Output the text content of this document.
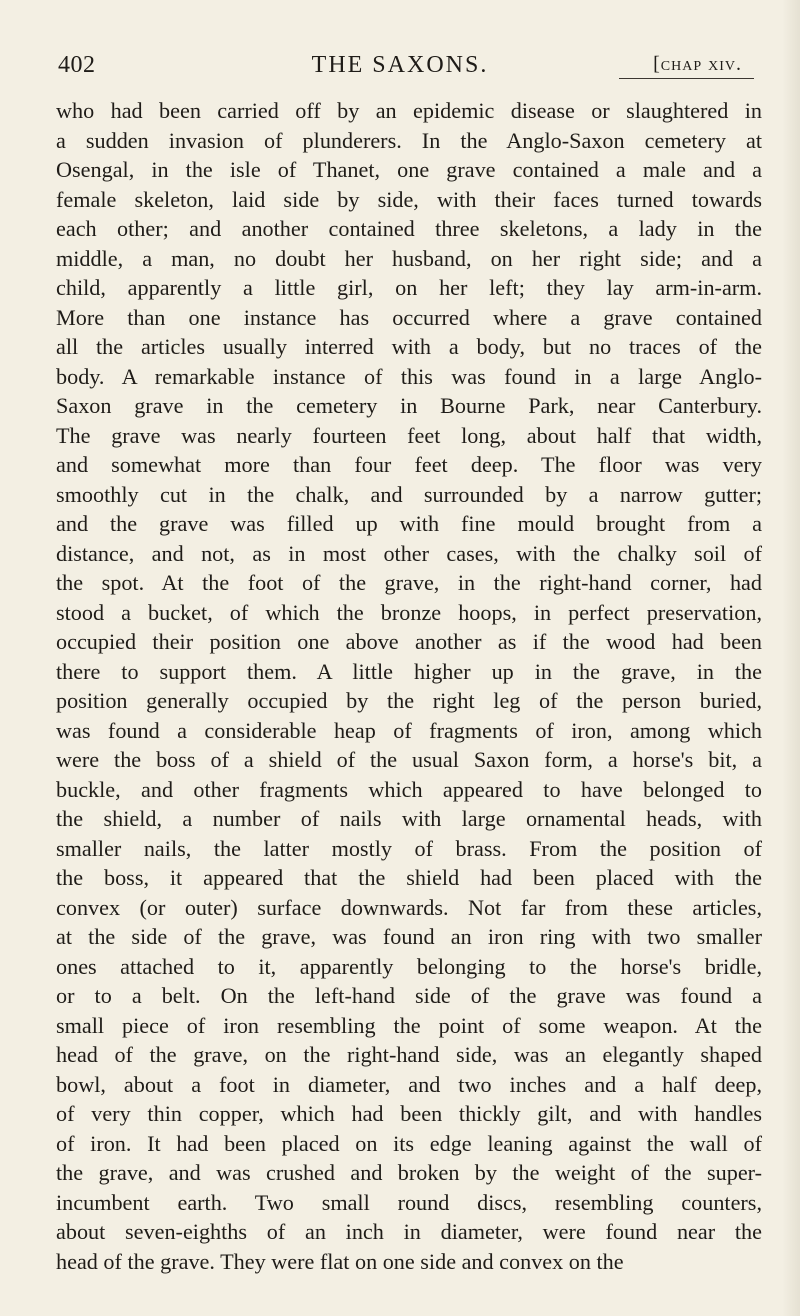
402	THE SAXONS.	[chap xiv.
who had been carried off by an epidemic disease or slaughtered in
a sudden invasion of plunderers. In the Anglo-Saxon cemetery at
Osengal, in the isle of Thanet, one grave contained a male and a
female skeleton, laid side by side, with their faces turned towards
each other; and another contained three skeletons, a lady in the
middle, a man, no doubt her husband, on her right side; and a
child, apparently a little girl, on her left; they lay arm-in-arm.
More than one instance has occurred where a grave contained
all the articles usually interred with a body, but no traces of the
body. A remarkable instance of this was found in a large Anglo-
Saxon grave in the cemetery in Bourne Park, near Canterbury.
The grave was nearly fourteen feet long, about half that width,
and somewhat more than four feet deep. The floor was very
smoothly cut in the chalk, and surrounded by a narrow gutter;
and the grave was filled up with fine mould brought from a
distance, and not, as in most other cases, with the chalky soil of
the spot. At the foot of the grave, in the right-hand corner, had
stood a bucket, of which the bronze hoops, in perfect preservation,
occupied their position one above another as if the wood had been
there to support them. A little higher up in the grave, in the
position generally occupied by the right leg of the person buried,
was found a considerable heap of fragments of iron, among which
were the boss of a shield of the usual Saxon form, a horse's bit, a
buckle, and other fragments which appeared to have belonged to
the shield, a number of nails with large ornamental heads, with
smaller nails, the latter mostly of brass. From the position of
the boss, it appeared that the shield had been placed with the
convex (or outer) surface downwards. Not far from these articles,
at the side of the grave, was found an iron ring with two smaller
ones attached to it, apparently belonging to the horse's bridle,
or to a belt. On the left-hand side of the grave was found a
small piece of iron resembling the point of some weapon. At the
head of the grave, on the right-hand side, was an elegantly shaped
bowl, about a foot in diameter, and two inches and a half deep,
of very thin copper, which had been thickly gilt, and with handles
of iron. It had been placed on its edge leaning against the wall of
the grave, and was crushed and broken by the weight of the super-
incumbent earth. Two small round discs, resembling counters,
about seven-eighths of an inch in diameter, were found near the
head of the grave. They were flat on one side and convex on the
